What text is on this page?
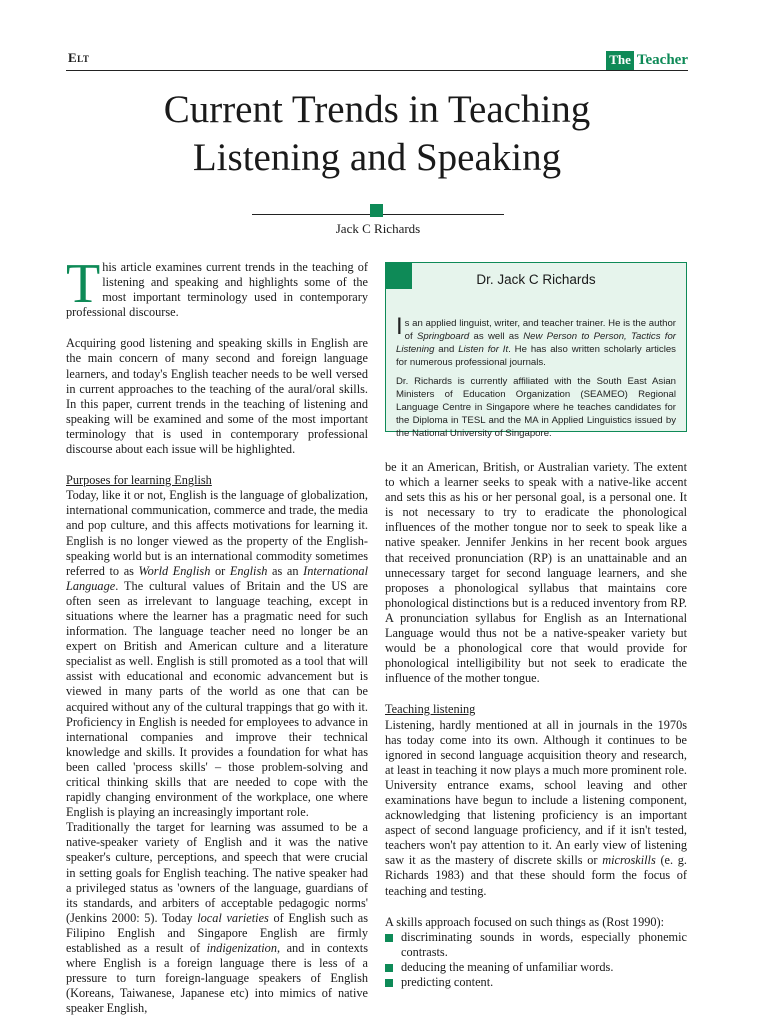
Elt	The Teacher
Current Trends in Teaching
Listening and Speaking
Jack C Richards

This article examines current trends in the teaching of listening and speaking and highlights some of the most important terminology used in contemporary professional discourse.

Acquiring good listening and speaking skills in English are the main concern of many second and foreign language learners, and today's English teacher needs to be well versed in current approaches to the teaching of the aural/oral skills. In this paper, current trends in the teaching of listening and speaking will be examined and some of the most important terminology that is used in contemporary professional discourse about each issue will be highlighted.

Purposes for learning English

Today, like it or not, English is the language of globalization, international communication, commerce and trade, the media and pop culture, and this affects motivations for learning it. English is no longer viewed as the property of the English-speaking world but is an international commodity sometimes referred to as World English or English as an International Language. The cultural values of Britain and the US are often seen as irrelevant to language teaching, except in situations where the learner has a pragmatic need for such information. The language teacher need no longer be an expert on British and American culture and a literature specialist as well. English is still promoted as a tool that will assist with educational and economic advancement but is viewed in many parts of the world as one that can be acquired without any of the cultural trappings that go with it. Proficiency in English is needed for employees to advance in international companies and improve their technical knowledge and skills. It provides a foundation for what has been called 'process skills' – those problem-solving and critical thinking skills that are needed to cope with the rapidly changing environment of the workplace, one where English is playing an increasingly important role.

Traditionally the target for learning was assumed to be a native-speaker variety of English and it was the native speaker's culture, perceptions, and speech that were crucial in setting goals for English teaching. The native speaker had a privileged status as 'owners of the language, guardians of its standards, and arbiters of acceptable pedagogic norms' (Jenkins 2000: 5). Today local varieties of English such as Filipino English and Singapore English are firmly established as a result of indigenization, and in contexts where English is a foreign language there is less of a pressure to turn foreign-language speakers of English (Koreans, Taiwanese, Japanese etc) into mimics of native speaker English,

Dr. Jack C Richards

Is an applied linguist, writer, and teacher trainer. He is the author of Springboard as well as New Person to Person, Tactics for Listening and Listen for It. He has also written scholarly articles for numerous professional journals.

Dr. Richards is currently affiliated with the South East Asian Ministers of Education Organization (SEAMEO) Regional Language Centre in Singapore where he teaches candidates for the Diploma in TESL and the MA in Applied Linguistics issued by the National University of Singapore.

be it an American, British, or Australian variety. The extent to which a learner seeks to speak with a native-like accent and sets this as his or her personal goal, is a personal one. It is not necessary to try to eradicate the phonological influences of the mother tongue nor to seek to speak like a native speaker. Jennifer Jenkins in her recent book argues that received pronunciation (RP) is an unattainable and an unnecessary target for second language learners, and she proposes a phonological syllabus that maintains core phonological distinctions but is a reduced inventory from RP. A pronunciation syllabus for English as an International Language would thus not be a native-speaker variety but would be a phonological core that would provide for phonological intelligibility but not seek to eradicate the influence of the mother tongue.

Teaching listening

Listening, hardly mentioned at all in journals in the 1970s has today come into its own. Although it continues to be ignored in second language acquisition theory and research, at least in teaching it now plays a much more prominent role. University entrance exams, school leaving and other examinations have begun to include a listening component, acknowledging that listening proficiency is an important aspect of second language proficiency, and if it isn't tested, teachers won't pay attention to it. An early view of listening saw it as the mastery of discrete skills or microskills (e. g. Richards 1983) and that these should form the focus of teaching and testing.

A skills approach focused on such things as (Rost 1990):

discriminating sounds in words, especially phonemic contrasts.
deducing the meaning of unfamiliar words.
predicting content.
